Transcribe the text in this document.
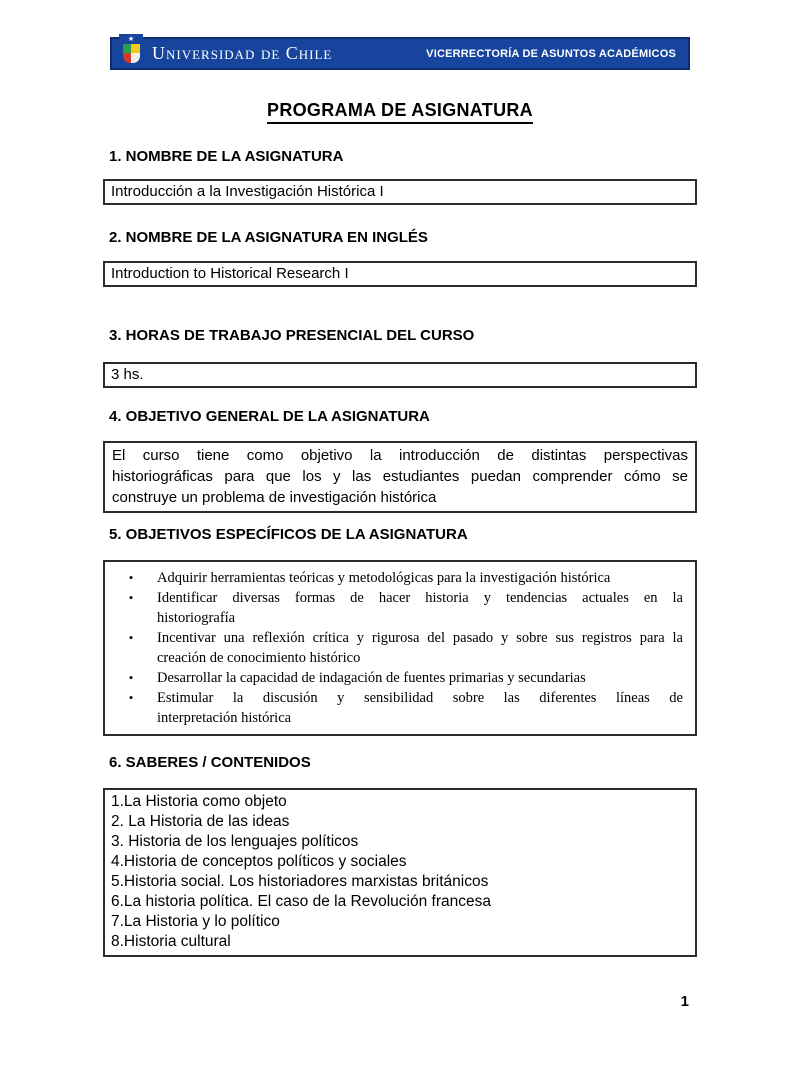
★
Universidad de Chile	VICERRECTORÍA DE ASUNTOS ACADÉMICOS
PROGRAMA DE ASIGNATURA
1. NOMBRE DE LA ASIGNATURA
Introducción a la Investigación Histórica I
2. NOMBRE DE LA ASIGNATURA EN INGLÉS
Introduction to Historical Research I
3. HORAS DE TRABAJO PRESENCIAL DEL CURSO
3 hs.
4. OBJETIVO GENERAL DE LA ASIGNATURA
El curso tiene como objetivo la introducción de distintas perspectivas
historiográficas para que los y las estudiantes puedan comprender cómo se
construye un problema de investigación histórica
5. OBJETIVOS ESPECÍFICOS DE LA ASIGNATURA
•	Adquirir herramientas teóricas y metodológicas para la investigación histórica
•	Identificar diversas formas de hacer historia y tendencias actuales en la
historiografía
•	Incentivar una reflexión crítica y rigurosa del pasado y sobre sus registros para la
creación de conocimiento histórico
•	Desarrollar la capacidad de indagación de fuentes primarias y secundarias
•	Estimular la discusión y sensibilidad sobre las diferentes líneas de
interpretación histórica
6. SABERES / CONTENIDOS
1.La Historia como objeto
2. La Historia de las ideas
3. Historia de los lenguajes políticos
4.Historia de conceptos políticos y sociales
5.Historia social. Los historiadores marxistas británicos
6.La historia política. El caso de la Revolución francesa
7.La Historia y lo político
8.Historia cultural
1
